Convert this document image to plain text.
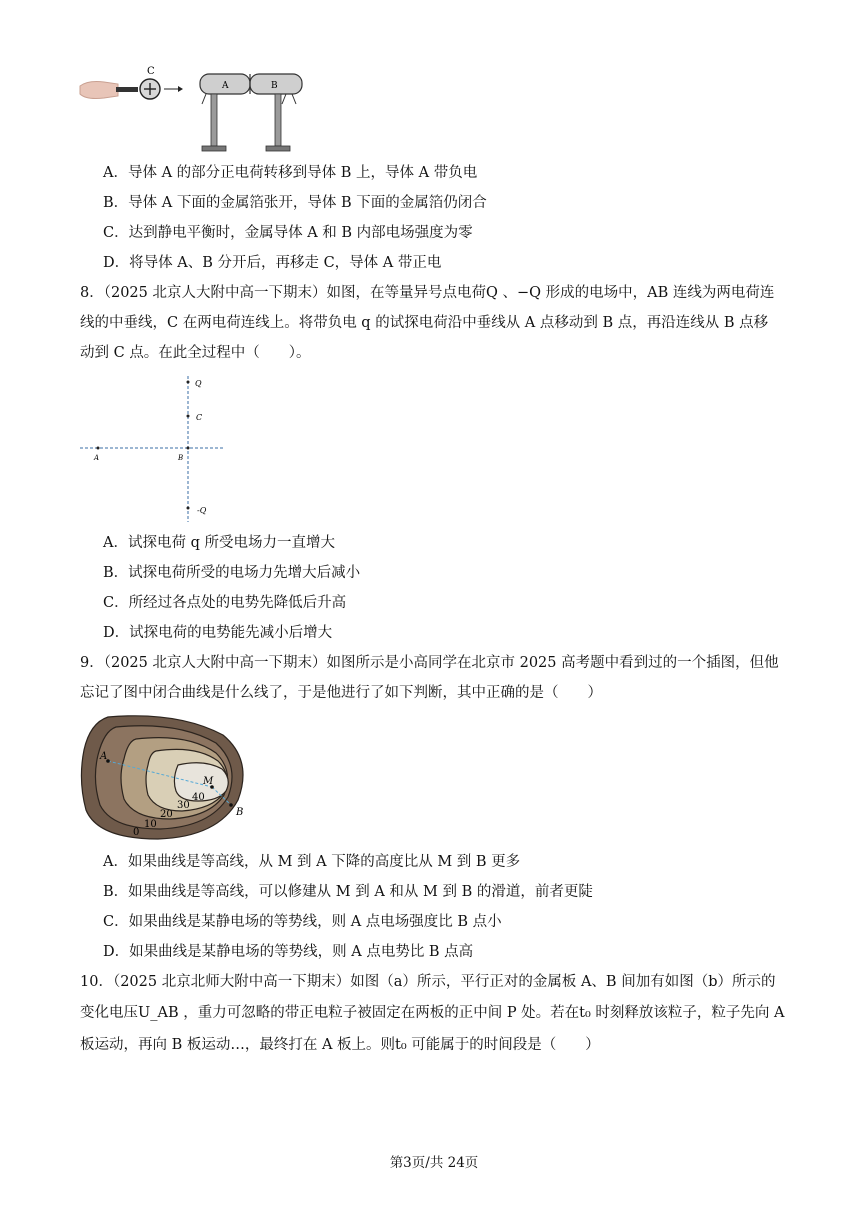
C
A	B
A．导体 A 的部分正电荷转移到导体 B 上，导体 A 带负电
B．导体 A 下面的金属箔张开，导体 B 下面的金属箔仍闭合
C．达到静电平衡时，金属导体 A 和 B 内部电场强度为零
D．将导体 A、B 分开后，再移走 C，导体 A 带正电
8．（2025 北京人大附中高一下期末）如图，在等量异号点电荷Q 、−Q 形成的电场中，AB 连线为两电荷连
线的中垂线，C 在两电荷连线上。将带负电 q 的试探电荷沿中垂线从 A 点移动到 B 点，再沿连线从 B 点移
动到 C 点。在此全过程中（　　）。
Q
C
A	B
-Q
A．试探电荷 q 所受电场力一直增大
B．试探电荷所受的电场力先增大后减小
C．所经过各点处的电势先降低后升高
D．试探电荷的电势能先减小后增大
9．（2025 北京人大附中高一下期末）如图所示是小高同学在北京市 2025 高考题中看到过的一个插图，但他
忘记了图中闭合曲线是什么线了，于是他进行了如下判断，其中正确的是（　　）
A
M
B
40
30
20
10
0
A．如果曲线是等高线，从 M 到 A 下降的高度比从 M 到 B 更多
B．如果曲线是等高线，可以修建从 M 到 A 和从 M 到 B 的滑道，前者更陡
C．如果曲线是某静电场的等势线，则 A 点电场强度比 B 点小
D．如果曲线是某静电场的等势线，则 A 点电势比 B 点高
10．（2025 北京北师大附中高一下期末）如图（a）所示，平行正对的金属板 A、B 间加有如图（b）所示的
变化电压U_AB ，重力可忽略的带正电粒子被固定在两板的正中间 P 处。若在t₀ 时刻释放该粒子，粒子先向 A
板运动，再向 B 板运动…，最终打在 A 板上。则t₀ 可能属于的时间段是（　　）
第3页/共 24页
